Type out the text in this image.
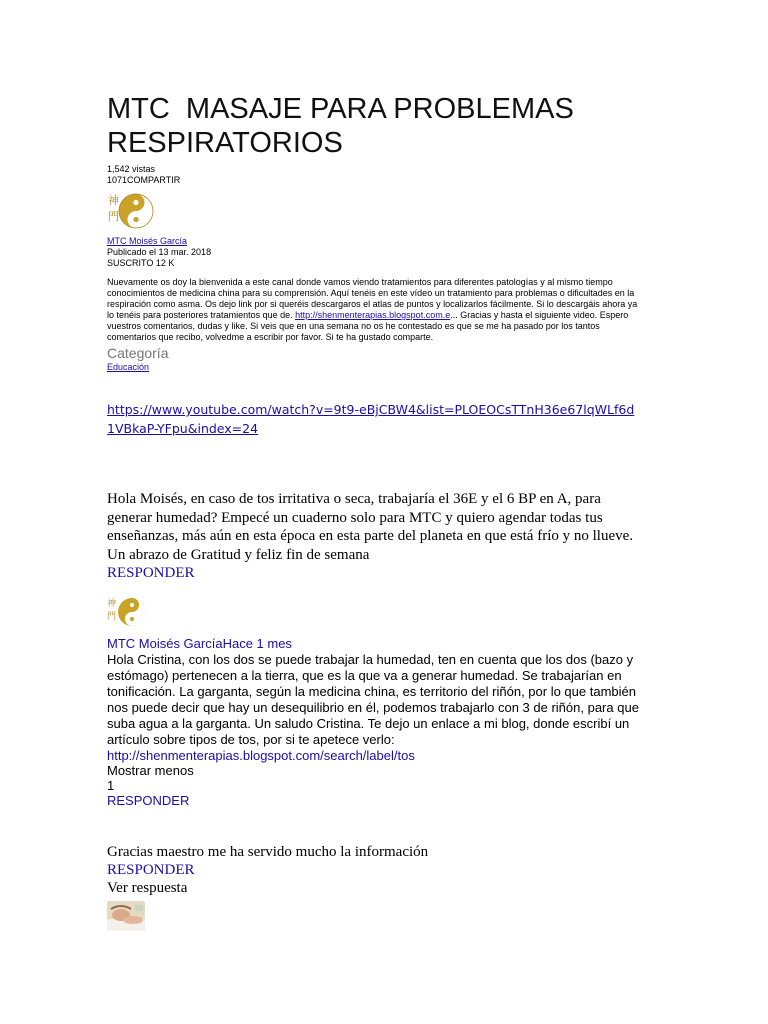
MTC  MASAJE PARA PROBLEMAS RESPIRATORIOS
1,542 vistas
1071COMPARTIR
神
門
MTC Moisés García
Publicado el 13 mar. 2018
SUSCRITO 12 K
Nuevamente os doy la bienvenida a este canal donde vamos viendo tratamientos para diferentes patologías y al mismo tiempo conocimientos de medicina china para su comprensión. Aquí tenéis en este vídeo un tratamiento para problemas o dificultades en la respiración como asma. Os dejo link por si queréis descargaros el atlas de puntos y localizarlos fácilmente. Si lo descargáis ahora ya lo tenéis para posteriores tratamientos que de. http://shenmenterapias.blogspot.com.e... Gracias y hasta el siguiente video. Espero vuestros comentarios, dudas y like. Si veis que en una semana no os he contestado es que se me ha pasado por los tantos comentarios que recibo, volvedme a escribir por favor. Si te ha gustado comparte.
Categoría
Educación
https://www.youtube.com/watch?v=9t9-eBjCBW4&list=PLOEOCsTTnH36e67lqWLf6d1VBkaP-YFpu&index=24
Hola Moisés, en caso de tos irritativa o seca, trabajaría el 36E y el 6 BP en A, para generar humedad? Empecé un cuaderno solo para MTC y quiero agendar todas tus enseñanzas, más aún en esta época en esta parte del planeta en que está frío y no llueve. Un abrazo de Gratitud y feliz fin de semana
RESPONDER
神
門
MTC Moisés GarcíaHace 1 mes
Hola Cristina, con los dos se puede trabajar la humedad, ten en cuenta que los dos (bazo y estómago) pertenecen a la tierra, que es la que va a generar humedad. Se trabajarían en tonificación. La garganta, según la medicina china, es territorio del riñón, por lo que también nos puede decir que hay un desequilibrio en él, podemos trabajarlo con 3 de riñón, para que suba agua a la garganta. Un saludo Cristina. Te dejo un enlace a mi blog, donde escribí un artículo sobre tipos de tos, por si te apetece verlo:
http://shenmenterapias.blogspot.com/search/label/tos
Mostrar menos
1
RESPONDER
Gracias maestro me ha servido mucho la información
RESPONDER
Ver respuesta
